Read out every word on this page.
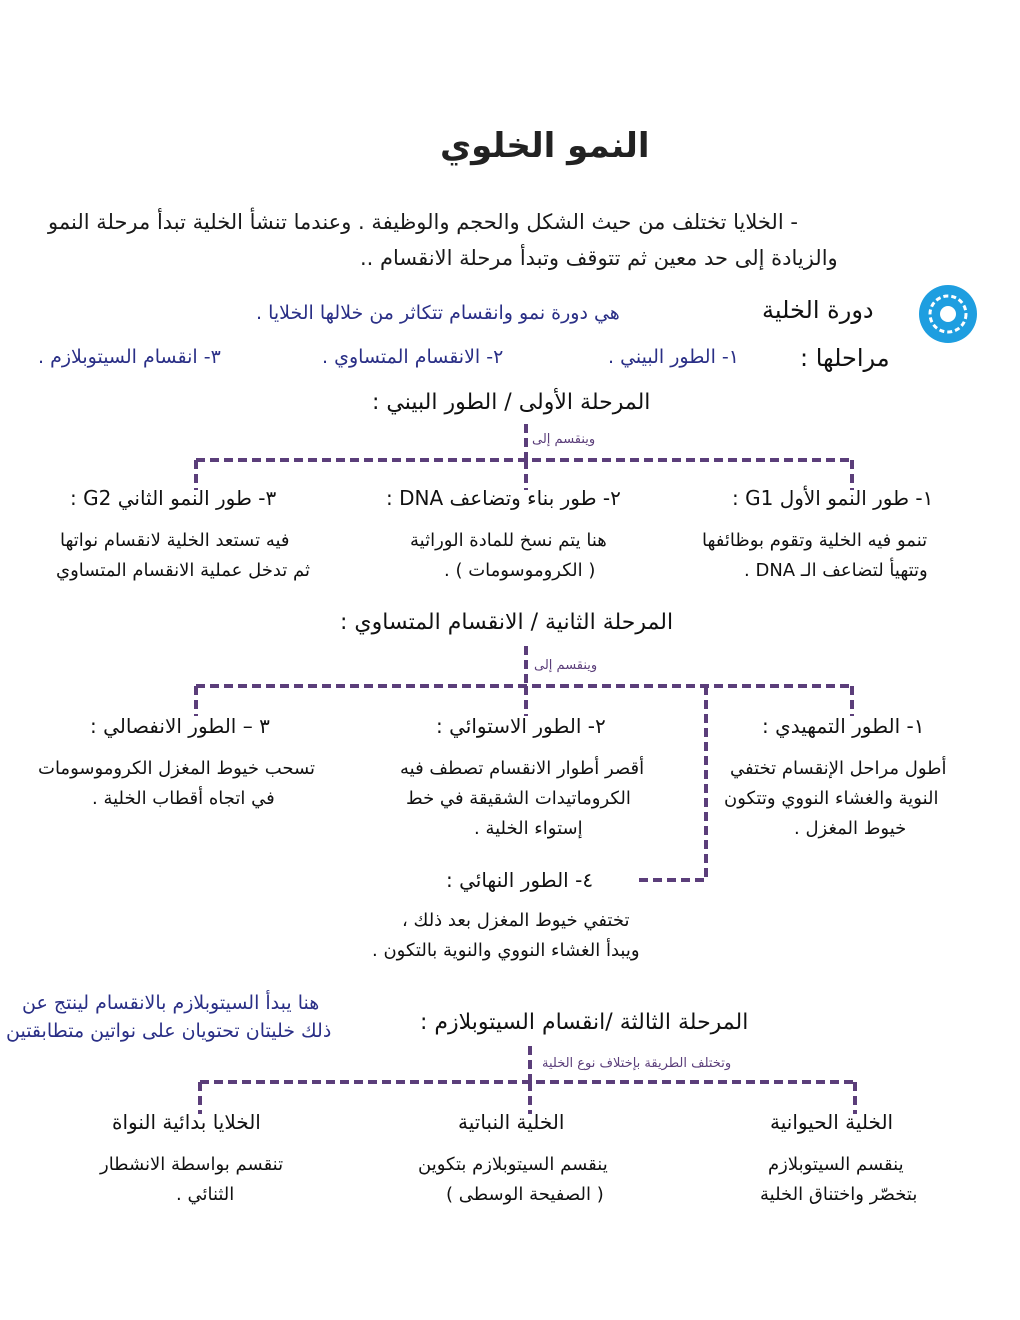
النمو الخلوي
- الخلايا تختلف من حيث الشكل والحجم والوظيفة . وعندما تنشأ الخلية تبدأ مرحلة النمو
والزيادة إلى حد معين ثم تتوقف وتبدأ مرحلة الانقسام ..
دورة الخلية
هي دورة نمو وانقسام تتكاثر من خلالها الخلايا .
مراحلها :
١- الطور البيني .
٢- الانقسام المتساوي .
٣- انقسام السيتوبلازم .
المرحلة الأولى / الطور البيني :
وينقسم إلى
١- طور النمو الأول G1 :
تنمو فيه الخلية وتقوم بوظائفها
وتتهيأ لتضاعف الـ DNA .
٢- طور بناء وتضاعف DNA :
هنا يتم نسخ للمادة الوراثية
( الكروموسومات ) .
٣- طور النمو الثاني G2 :
فيه تستعد الخلية لانقسام نواتها
ثم تدخل عملية الانقسام المتساوي
المرحلة الثانية / الانقسام المتساوي :
وينقسم إلى
١- الطور التمهيدي :
أطول مراحل الإنقسام تختفي
النوية والغشاء النووي وتتكون
خيوط المغزل .
٢- الطور الاستوائي :
أقصر أطوار الانقسام تصطف فيه
الكروماتيدات الشقيقة في خط
إستواء الخلية .
٣ – الطور الانفصالي :
تسحب خيوط المغزل الكروموسومات
في اتجاه أقطاب الخلية .
٤- الطور النهائي :
تختفي خيوط المغزل بعد ذلك ،
ويبدأ الغشاء النووي والنوية بالتكون .
المرحلة الثالثة /انقسام السيتوبلازم :
هنا يبدأ السيتوبلازم بالانقسام لينتج عن
ذلك خليتان تحتويان على نواتين متطابقتين
وتختلف الطريقة بإختلاف نوع الخلية
الخلية الحيوانية
ينقسم السيتوبلازم
بتخصّر واختناق الخلية
الخلية النباتية
ينقسم السيتوبلازم بتكوين
( الصفيحة الوسطى )
الخلايا بدائية النواة
تنقسم بواسطة الانشطار
الثنائي .
